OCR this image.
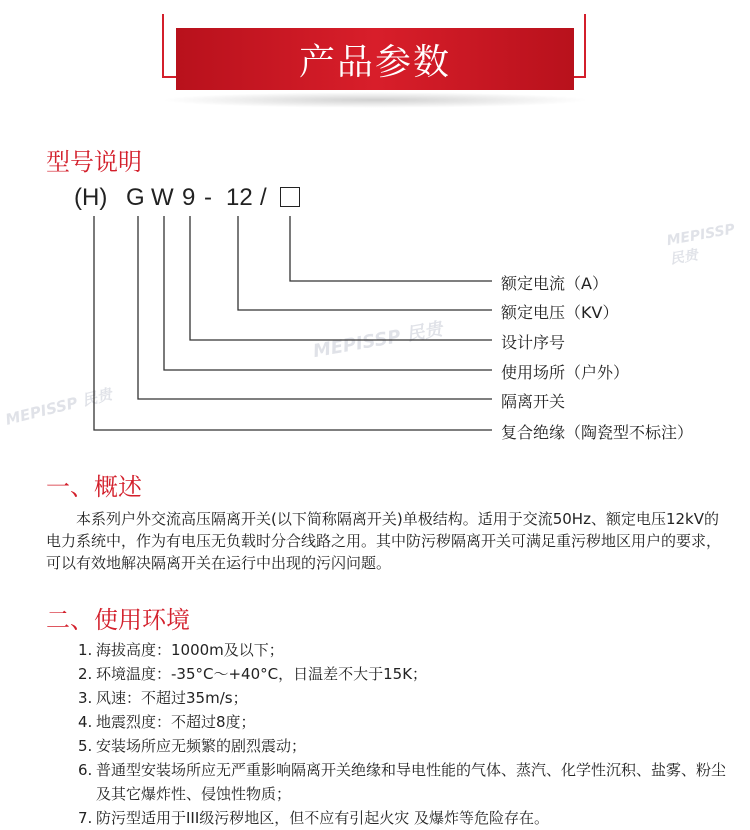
产品参数
MEPISSP 民贵
MEPISSP 民贵
MEPISSP 民贵
型号说明
(H) G W 9 - 12 /
额定电流（A）
额定电压（KV）
设计序号
使用场所（户外）
隔离开关
复合绝缘（陶瓷型不标注）
一、概述
本系列户外交流高压隔离开关(以下简称隔离开关)单极结构。适用于交流50Hz、额定电压12kV的电力系统中，作为有电压无负载时分合线路之用。其中防污秽隔离开关可满足重污秽地区用户的要求，可以有效地解决隔离开关在运行中出现的污闪问题。
二、使用环境
1. 海拔高度：1000m及以下；
2. 环境温度：-35°C～+40°C，日温差不大于15K；
3. 风速：不超过35m/s；
4. 地震烈度：不超过8度；
5. 安装场所应无频繁的剧烈震动；
6. 普通型安装场所应无严重影响隔离开关绝缘和导电性能的气体、蒸汽、化学性沉积、盐雾、粉尘及其它爆炸性、侵蚀性物质；
7. 防污型适用于III级污秽地区，但不应有引起火灾 及爆炸等危险存在。
